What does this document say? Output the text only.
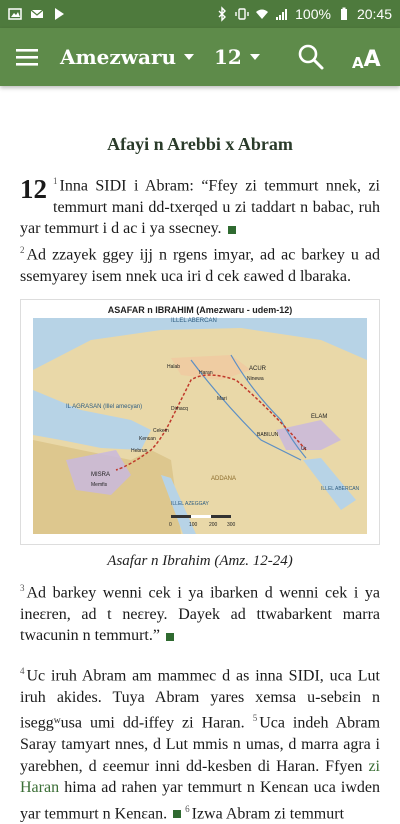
100% 20:45
Amezwaru 12	A A
Afayi n Arebbi x Abram
12 $^1$ Inna SIDI i Abram: “Ffey zi temmurt nnek, zi temmurt mani dd-txerqed u zi taddart n babac, ruh yar temmurt i d ac i ya ssecney.
$^2$ Ad zzayek ggey ijj n rgens imyar, ad ac barkey u ad ssemyarey isem nnek uca iri d cek ɛawed d lbaraka.
ASAFAR n IBRAHIM (Amezwaru - udem-12)
IL AGRASAN (Illel amecyan)
ILLEL ABERCAN
MISRA
Memfis
Kenɛan
Cekem
Hebrun
Dimacq
Haran
Halab
BABILUN
Ur
ACUR
Ninewa
Mari
ELAM
ADDANA
ILLEL AZEGGAY
ILLEL ABERCAN
0	100 200 300
Asafar n Ibrahim (Amz. 12-24)
$^3$ Ad barkey wenni cek i ya ibarken d wenni cek i ya ineɛren, ad t neɛrey. Dayek ad ttwabarkent marra twacunin n temmurt.”
$^4$ Uc iruh Abram am mammec d as inna SIDI, uca Lut iruh akides. Tuya Abram yares xemsa u-sebɛin n iseggʷusa umi dd-iffey zi Haran. $^5$ Uca indeh Abram Saray tamyart nnes, d Lut mmis n umas, d marra agra i yarebhen, d ɛeemur inni dd-kesben di Haran. Ffyen zi Haran hima ad rahen yar temmurt n Kenɛan uca iwden yar temmurt n Kenɛan. $^6$ Izwa Abram zi temmurt
